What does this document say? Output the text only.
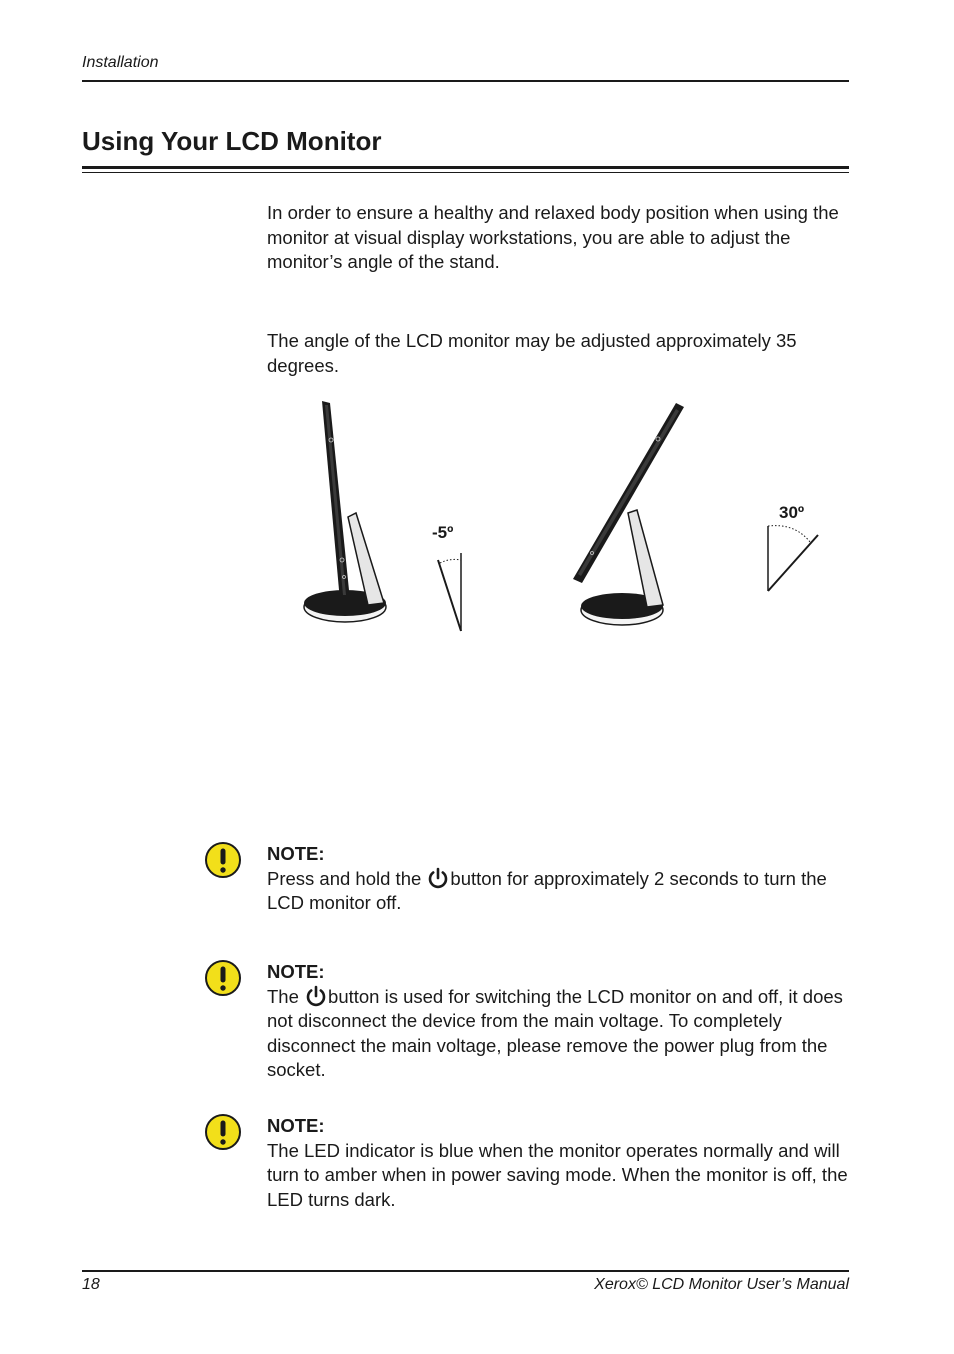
Installation
Using Your LCD Monitor

In order to ensure a healthy and relaxed body position when using the monitor at visual display workstations, you are able to adjust the monitor’s angle of the stand.

The angle of the LCD monitor may be adjusted approximately 35 degrees.

-5º
30º
NOTE:
Press and hold the button for approximately 2 seconds to turn the LCD monitor off.
NOTE:
The button is used for switching the LCD monitor on and off, it does not disconnect the device from the main voltage. To completely disconnect the main voltage, please remove the power plug from the socket.
NOTE:
The LED indicator is blue when the monitor operates normally and will turn to amber when in power saving mode. When the monitor is off, the LED turns dark.
18	Xerox© LCD Monitor User’s Manual
